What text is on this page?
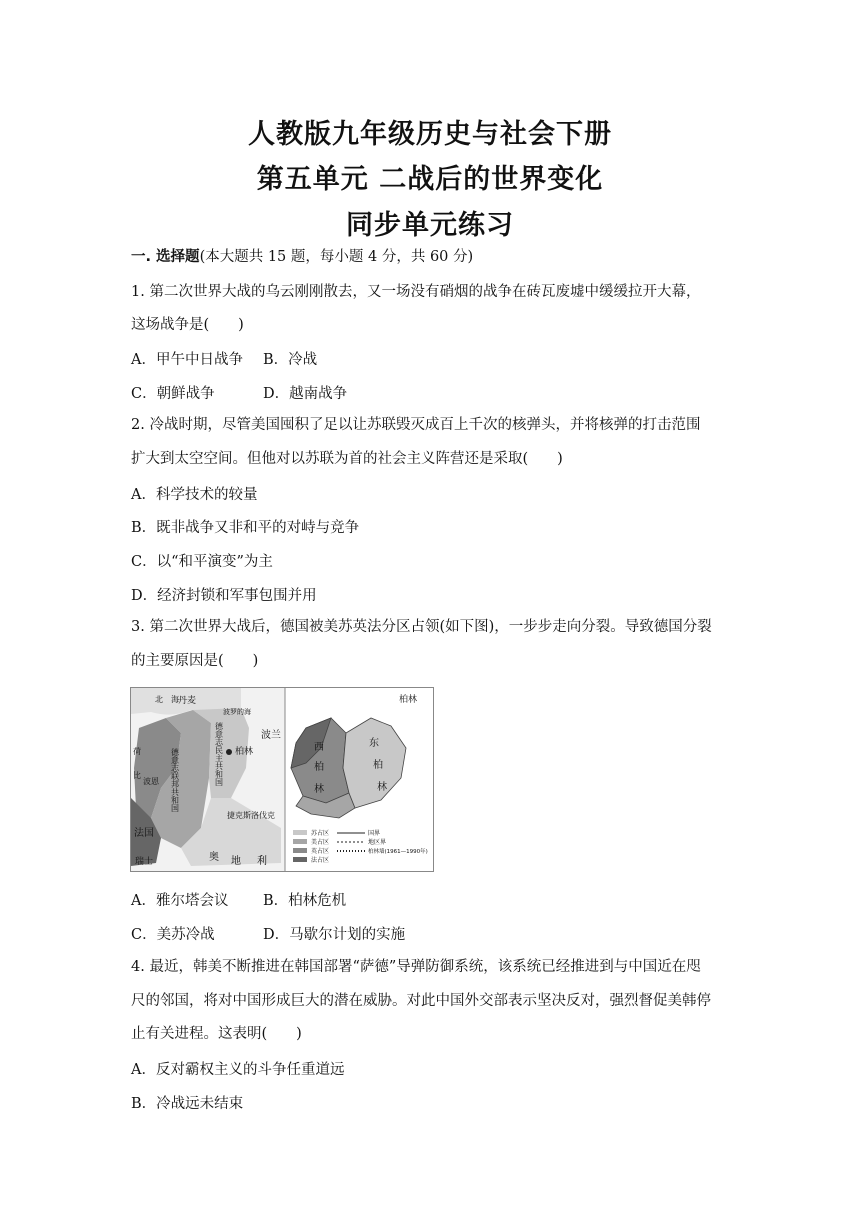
人教版九年级历史与社会下册
第五单元 二战后的世界变化
同步单元练习
一. 选择题(本大题共 15 题，每小题 4 分，共 60 分)
1. 第二次世界大战的乌云刚刚散去，又一场没有硝烟的战争在砖瓦废墟中缓缓拉开大幕，
这场战争是(　　)
A．甲午中日战争 B．冷战
C．朝鲜战争	D．越南战争
2. 冷战时期，尽管美国囤积了足以让苏联毁灭成百上千次的核弹头，并将核弹的打击范围
扩大到太空空间。但他对以苏联为首的社会主义阵营还是采取(　　)
A．科学技术的较量
B．既非战争又非和平的对峙与竞争
C．以“和平演变”为主
D．经济封锁和军事包围并用
3. 第二次世界大战后，德国被美苏英法分区占领(如下图)，一步步走向分裂。导致德国分裂
的主要原因是(　　)
北　海 丹麦
波罗的海
柏林
波兰
捷克斯洛伐克
法国
奥 地 利
瑞士
波恩
荷
比	德意志联邦共和国	德意志民主共和国
柏林
西
柏
林
东
柏
林
苏占区
美占区
英占区
法占区
国界
地区界
柏林墙(1961—1990年)
A．雅尔塔会议 B．柏林危机
C．美苏冷战	D．马歇尔计划的实施
4. 最近，韩美不断推进在韩国部署“萨德”导弹防御系统，该系统已经推进到与中国近在咫
尺的邻国，将对中国形成巨大的潜在威胁。对此中国外交部表示坚决反对，强烈督促美韩停
止有关进程。这表明(　　)
A．反对霸权主义的斗争任重道远
B．冷战远未结束
